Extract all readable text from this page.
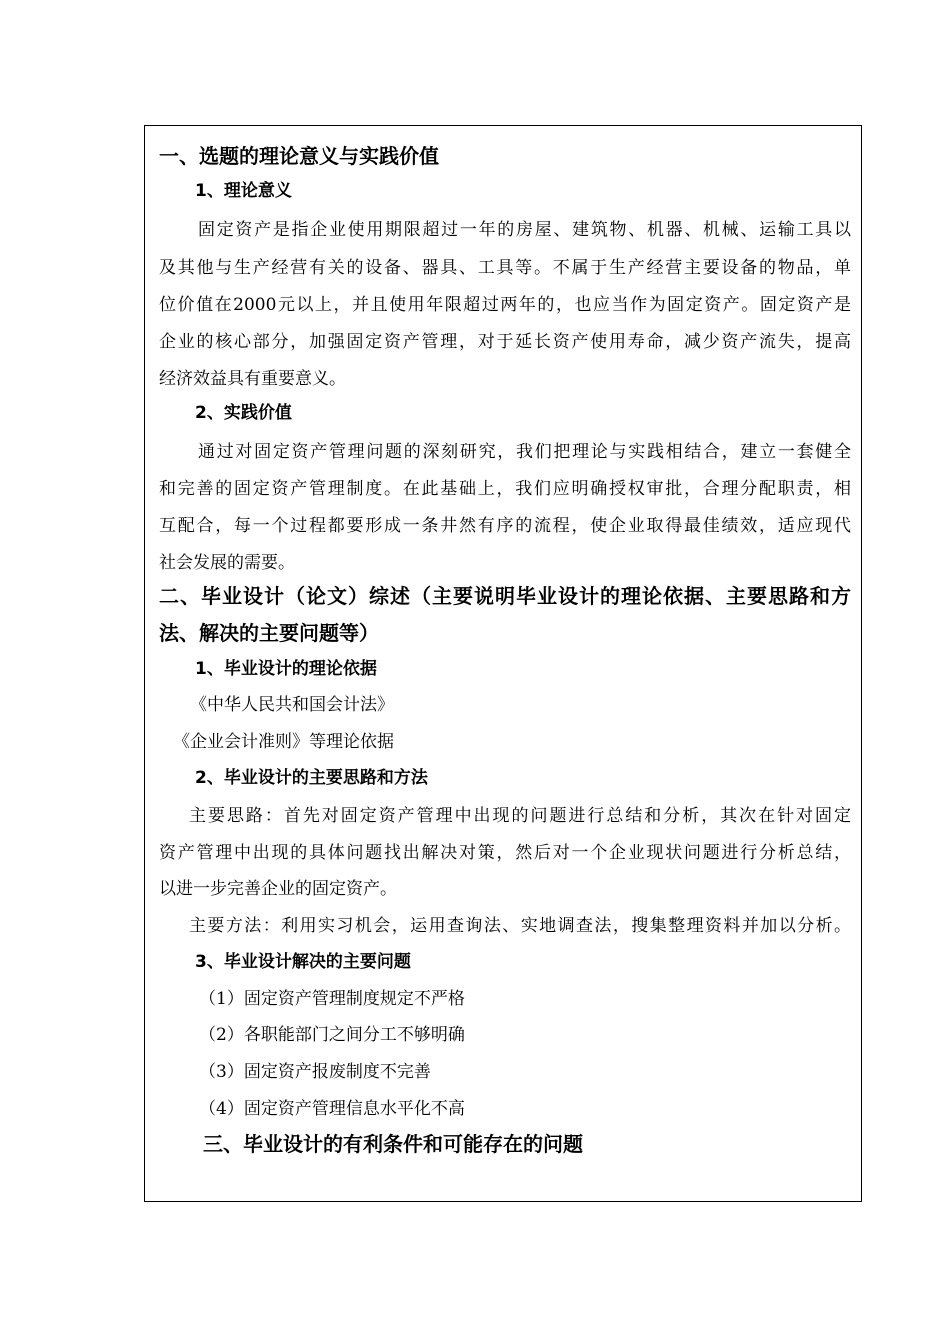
一、选题的理论意义与实践价值
1、理论意义
固定资产是指企业使用期限超过一年的房屋、建筑物、机器、机械、运输工具以
及其他与生产经营有关的设备、器具、工具等。不属于生产经营主要设备的物品，单
位价值在2000元以上，并且使用年限超过两年的，也应当作为固定资产。固定资产是
企业的核心部分，加强固定资产管理，对于延长资产使用寿命，减少资产流失，提高
经济效益具有重要意义。
2、实践价值
通过对固定资产管理问题的深刻研究，我们把理论与实践相结合，建立一套健全
和完善的固定资产管理制度。在此基础上，我们应明确授权审批，合理分配职责，相
互配合，每一个过程都要形成一条井然有序的流程，使企业取得最佳绩效，适应现代
社会发展的需要。
二、毕业设计（论文）综述（主要说明毕业设计的理论依据、主要思路和方
法、解决的主要问题等）
1、毕业设计的理论依据
《中华人民共和国会计法》
《企业会计准则》等理论依据
2、毕业设计的主要思路和方法
主要思路：首先对固定资产管理中出现的问题进行总结和分析，其次在针对固定
资产管理中出现的具体问题找出解决对策，然后对一个企业现状问题进行分析总结，
以进一步完善企业的固定资产。
主要方法：利用实习机会，运用查询法、实地调查法，搜集整理资料并加以分析。
3、毕业设计解决的主要问题
（1）固定资产管理制度规定不严格
（2）各职能部门之间分工不够明确
（3）固定资产报废制度不完善
（4）固定资产管理信息水平化不高
三、毕业设计的有利条件和可能存在的问题
